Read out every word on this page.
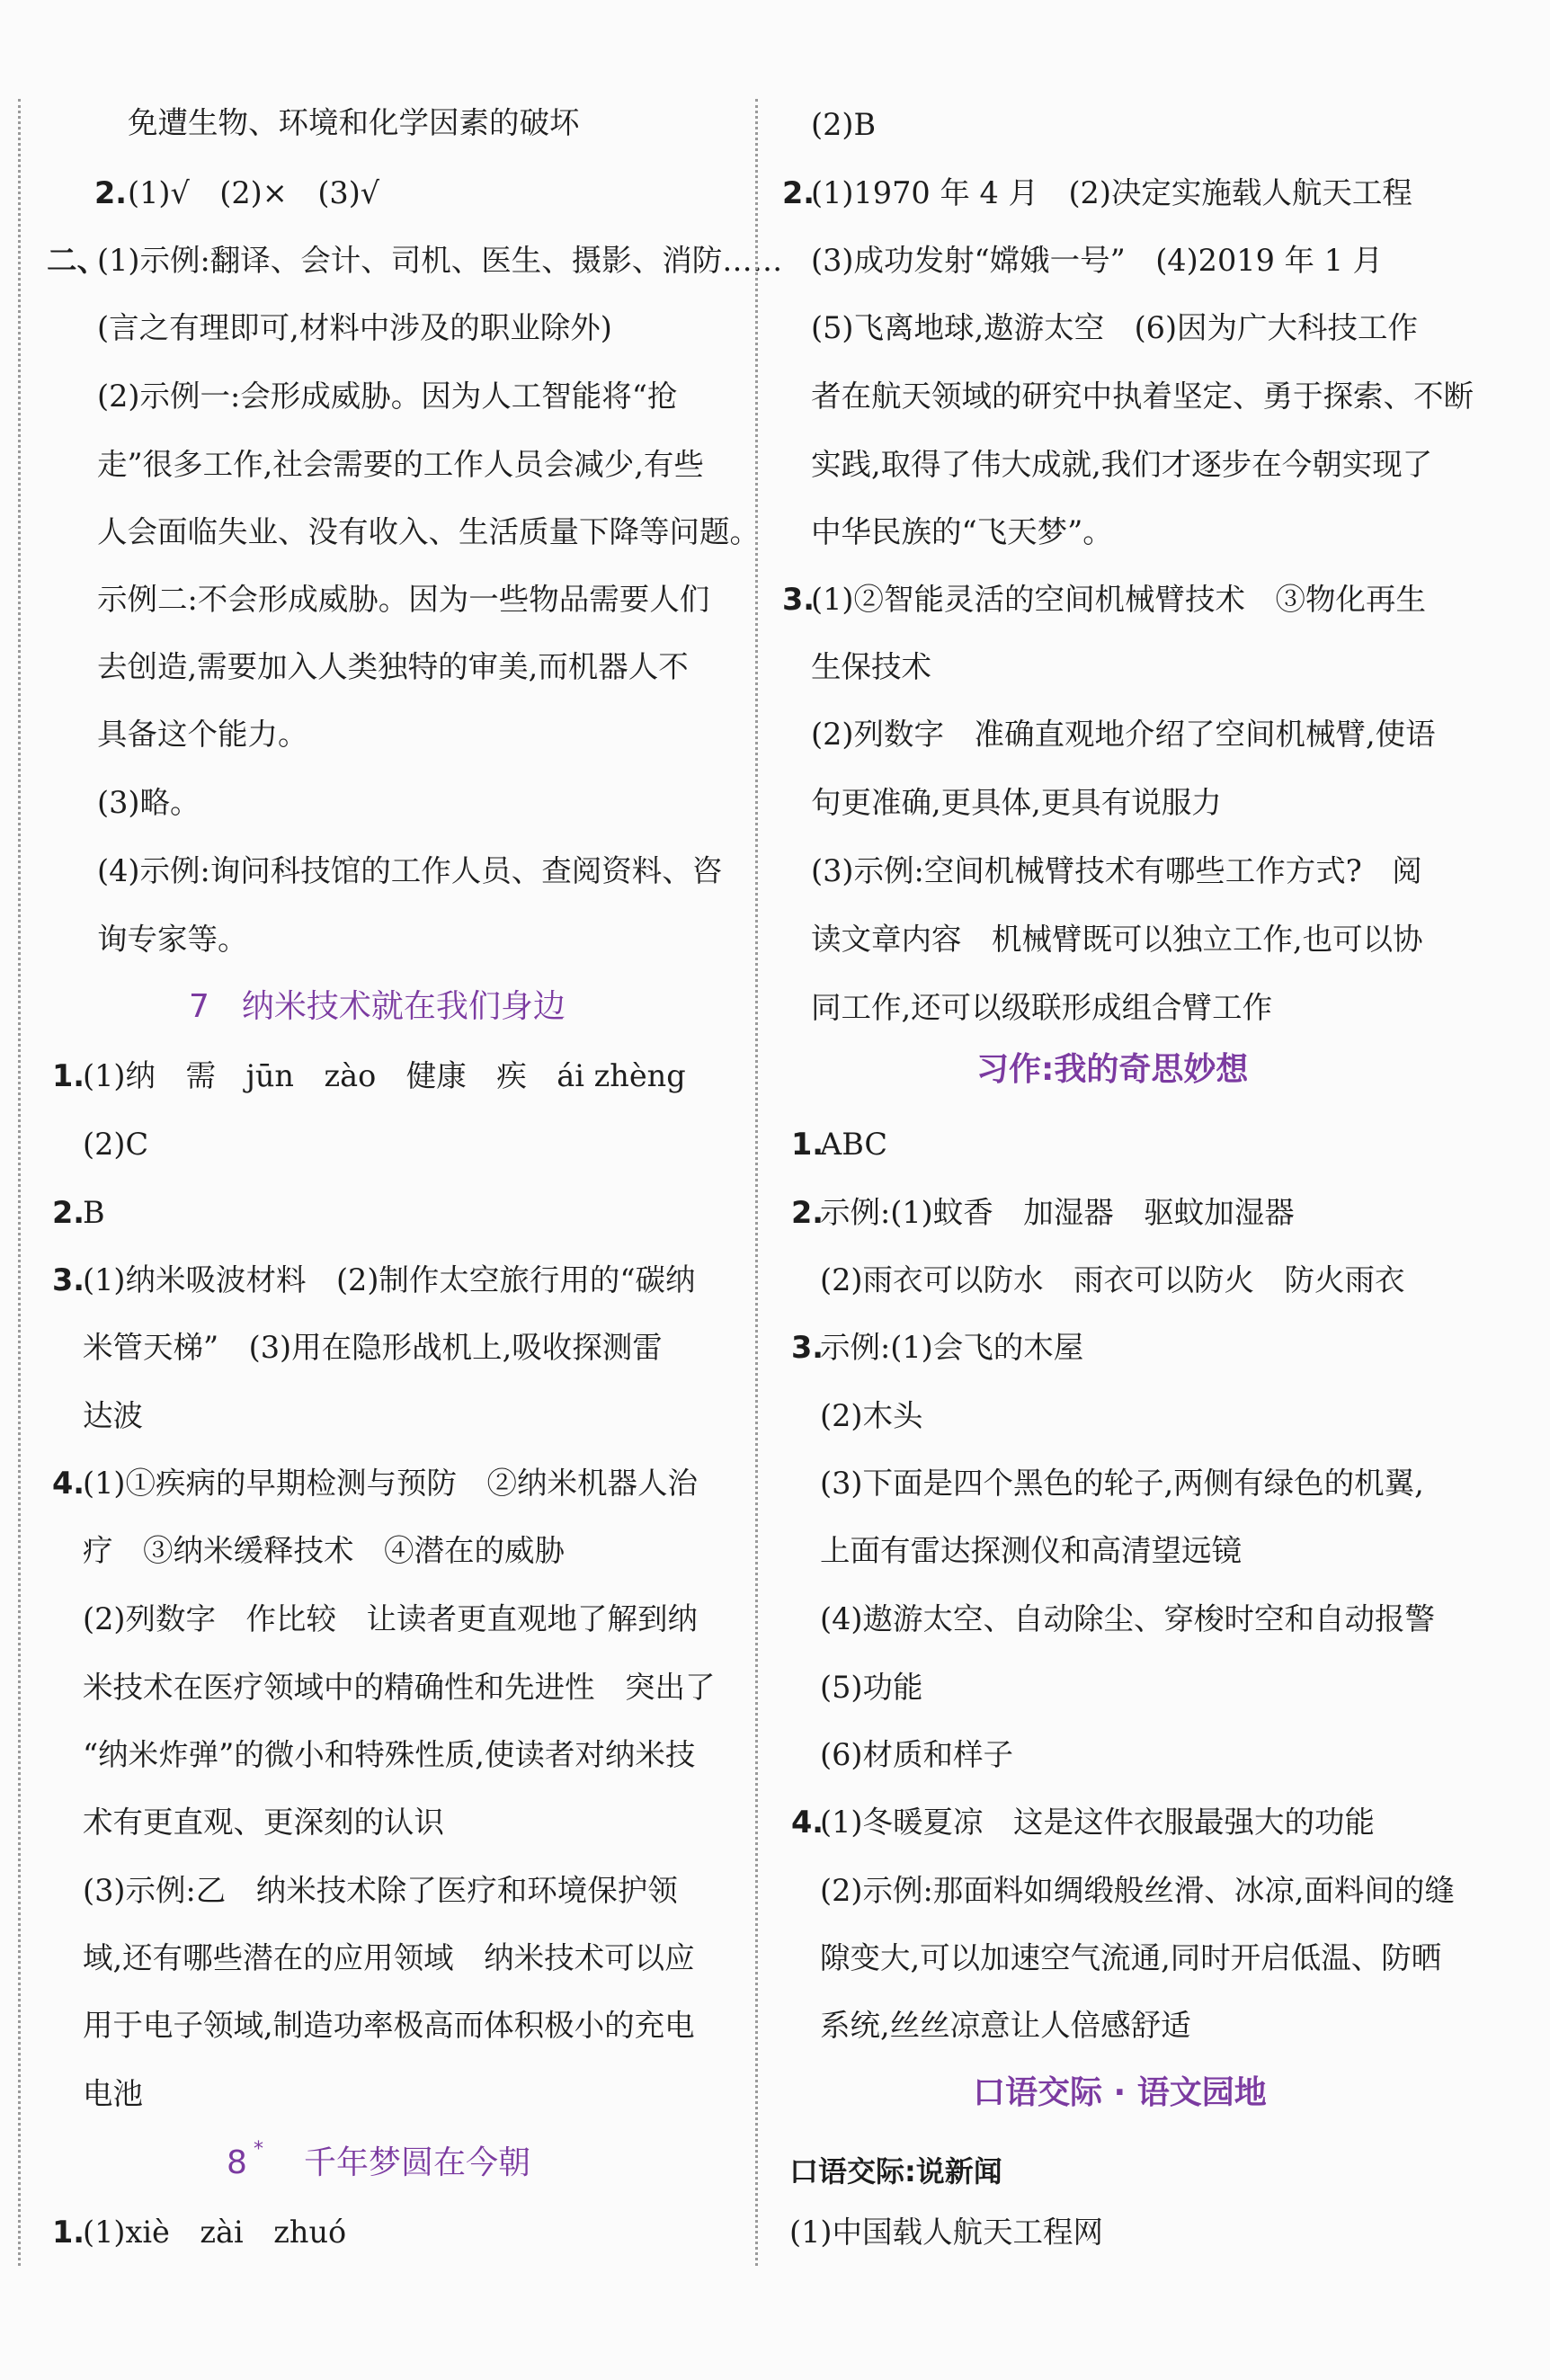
免遭生物、环境和化学因素的破坏
2. (1)√　(2)×　(3)√
二、
(1)示例:翻译、会计、司机、医生、摄影、消防……
(言之有理即可,材料中涉及的职业除外)
(2)示例一:会形成威胁。因为人工智能将“抢
走”很多工作,社会需要的工作人员会减少,有些
人会面临失业、没有收入、生活质量下降等问题。
示例二:不会形成威胁。因为一些物品需要人们
去创造,需要加入人类独特的审美,而机器人不
具备这个能力。
(3)略。
(4)示例:询问科技馆的工作人员、查阅资料、咨
询专家等。
7　纳米技术就在我们身边
1.
(1)纳　需　jūn　zào　健康　疾　ái zhèng
(2)C
2.
B
3.
(1)纳米吸波材料　(2)制作太空旅行用的“碳纳
米管天梯”　(3)用在隐形战机上,吸收探测雷
达波
4.
(1)①疾病的早期检测与预防　②纳米机器人治
疗　③纳米缓释技术　④潜在的威胁
(2)列数字　作比较　让读者更直观地了解到纳
米技术在医疗领域中的精确性和先进性　突出了
“纳米炸弹”的微小和特殊性质,使读者对纳米技
术有更直观、更深刻的认识
(3)示例:乙　纳米技术除了医疗和环境保护领
域,还有哪些潜在的应用领域　纳米技术可以应
用于电子领域,制造功率极高而体积极小的充电
电池
8 * 千年梦圆在今朝
1.
(1)xiè　zài　zhuó
(2)B
2.
(1)1970 年 4 月　(2)决定实施载人航天工程
(3)成功发射“嫦娥一号”　(4)2019 年 1 月
(5)飞离地球,遨游太空　(6)因为广大科技工作
者在航天领域的研究中执着坚定、勇于探索、不断
实践,取得了伟大成就,我们才逐步在今朝实现了
中华民族的“飞天梦”。
3.
(1)②智能灵活的空间机械臂技术　③物化再生
生保技术
(2)列数字　准确直观地介绍了空间机械臂,使语
句更准确,更具体,更具有说服力
(3)示例:空间机械臂技术有哪些工作方式?　阅
读文章内容　机械臂既可以独立工作,也可以协
同工作,还可以级联形成组合臂工作
习作:我的奇思妙想
1.
ABC
2.
示例:(1)蚊香　加湿器　驱蚊加湿器
(2)雨衣可以防水　雨衣可以防火　防火雨衣
3.
示例:(1)会飞的木屋
(2)木头
(3)下面是四个黑色的轮子,两侧有绿色的机翼,
上面有雷达探测仪和高清望远镜
(4)遨游太空、自动除尘、穿梭时空和自动报警
(5)功能
(6)材质和样子
4.
(1)冬暖夏凉　这是这件衣服最强大的功能
(2)示例:那面料如绸缎般丝滑、冰凉,面料间的缝
隙变大,可以加速空气流通,同时开启低温、防晒
系统,丝丝凉意让人倍感舒适
口语交际 · 语文园地
口语交际:说新闻
(1)中国载人航天工程网
